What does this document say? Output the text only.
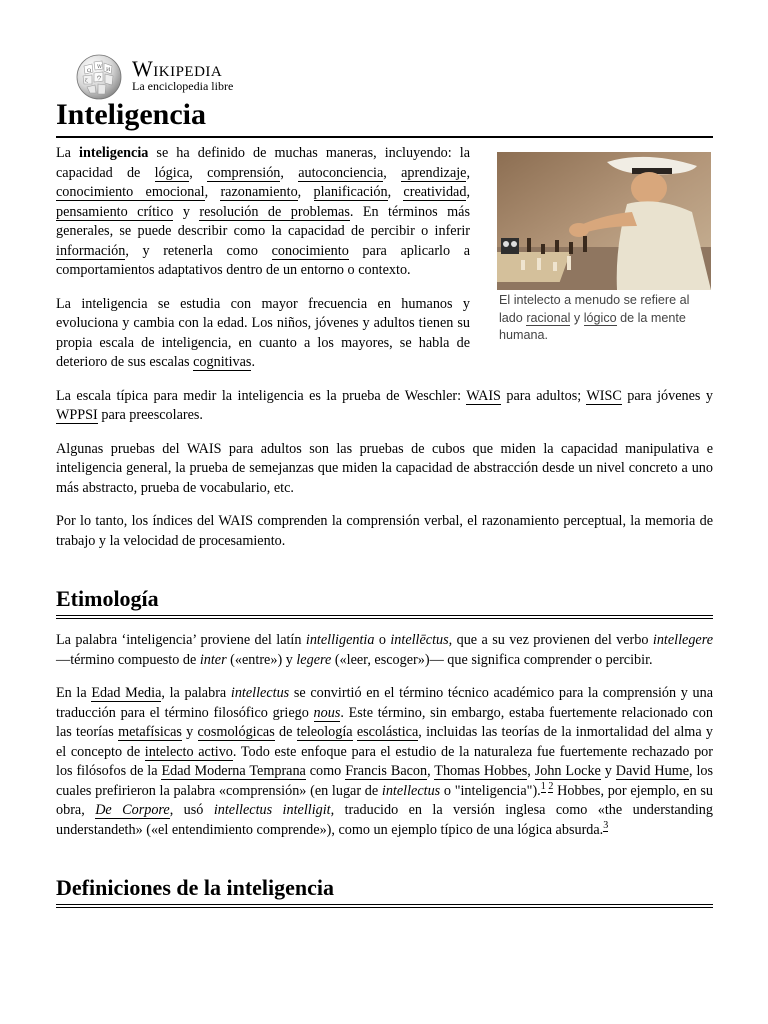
Ω
W И
ウ
ζ Wikipedia
La enciclopedia libre
Inteligencia
El intelecto a menudo se refiere al lado racional y lógico de la mente humana.

La inteligencia se ha definido de muchas maneras, incluyendo: la capacidad de lógica, comprensión, autoconciencia, aprendizaje, conocimiento emocional, razonamiento, planificación, creatividad, pensamiento crítico y resolución de problemas. En términos más generales, se puede describir como la capacidad de percibir o inferir información, y retenerla como conocimiento para aplicarlo a comportamientos adaptativos dentro de un entorno o contexto.

La inteligencia se estudia con mayor frecuencia en humanos y evoluciona y cambia con la edad. Los niños, jóvenes y adultos tienen su propia escala de inteligencia, en cuanto a los mayores, se habla de deterioro de sus escalas cognitivas.

La escala típica para medir la inteligencia es la prueba de Weschler: WAIS para adultos; WISC para jóvenes y WPPSI para preescolares.

Algunas pruebas del WAIS para adultos son las pruebas de cubos que miden la capacidad manipulativa e inteligencia general, la prueba de semejanzas que miden la capacidad de abstracción desde un nivel concreto a uno más abstracto, prueba de vocabulario, etc.

Por lo tanto, los índices del WAIS comprenden la comprensión verbal, el razonamiento perceptual, la memoria de trabajo y la velocidad de procesamiento.

Etimología

La palabra ‘inteligencia’ proviene del latín intelligentia o intellēctus, que a su vez provienen del verbo intellegere —término compuesto de inter («entre») y legere («leer, escoger»)— que significa comprender o percibir.

En la Edad Media, la palabra intellectus se convirtió en el término técnico académico para la comprensión y una traducción para el término filosófico griego nous. Este término, sin embargo, estaba fuertemente relacionado con las teorías metafísicas y cosmológicas de teleología escolástica, incluidas las teorías de la inmortalidad del alma y el concepto de intelecto activo. Todo este enfoque para el estudio de la naturaleza fue fuertemente rechazado por los filósofos de la Edad Moderna Temprana como Francis Bacon, Thomas Hobbes, John Locke y David Hume, los cuales prefirieron la palabra «comprensión» (en lugar de intellectus o "inteligencia").$^{1 2}$ Hobbes, por ejemplo, en su obra, De Corpore, usó intellectus intelligit, traducido en la versión inglesa como «the understanding understandeth» («el entendimiento comprende»), como un ejemplo típico de una lógica absurda.$^3$

Definiciones de la inteligencia
